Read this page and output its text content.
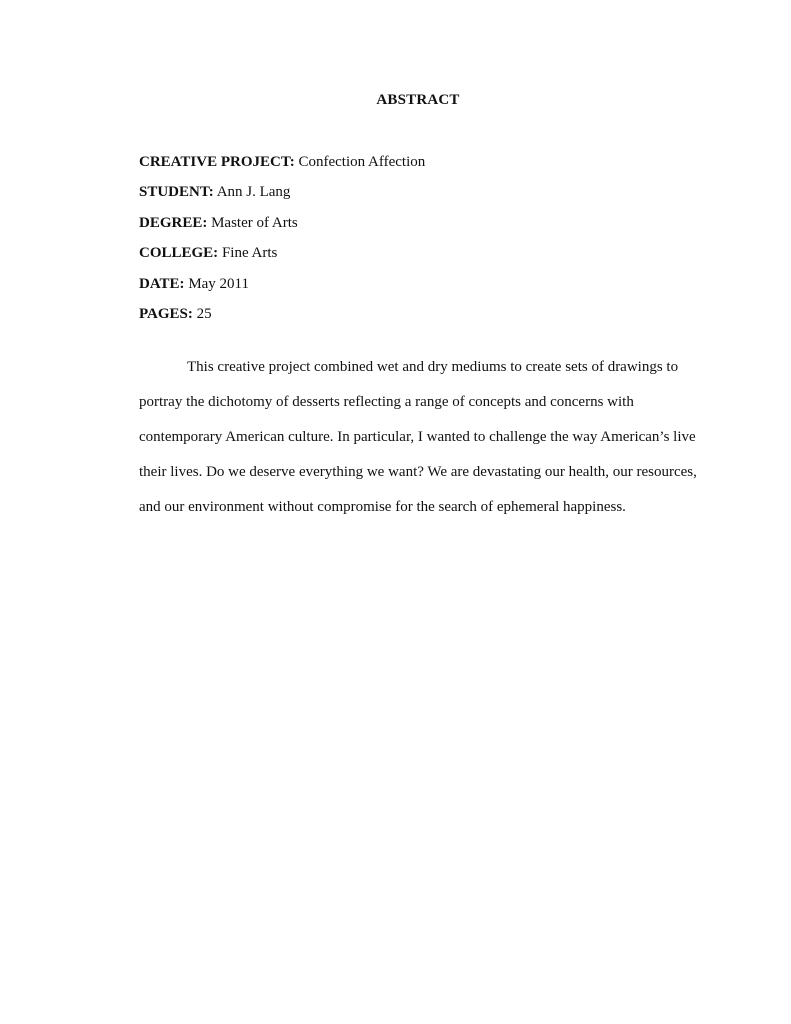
ABSTRACT
CREATIVE PROJECT: Confection Affection
STUDENT: Ann J. Lang
DEGREE: Master of Arts
COLLEGE: Fine Arts
DATE: May 2011
PAGES: 25

This creative project combined wet and dry mediums to create sets of drawings to portray the dichotomy of desserts reflecting a range of concepts and concerns with contemporary American culture. In particular, I wanted to challenge the way American’s live their lives. Do we deserve everything we want? We are devastating our health, our resources, and our environment without compromise for the search of ephemeral happiness.
